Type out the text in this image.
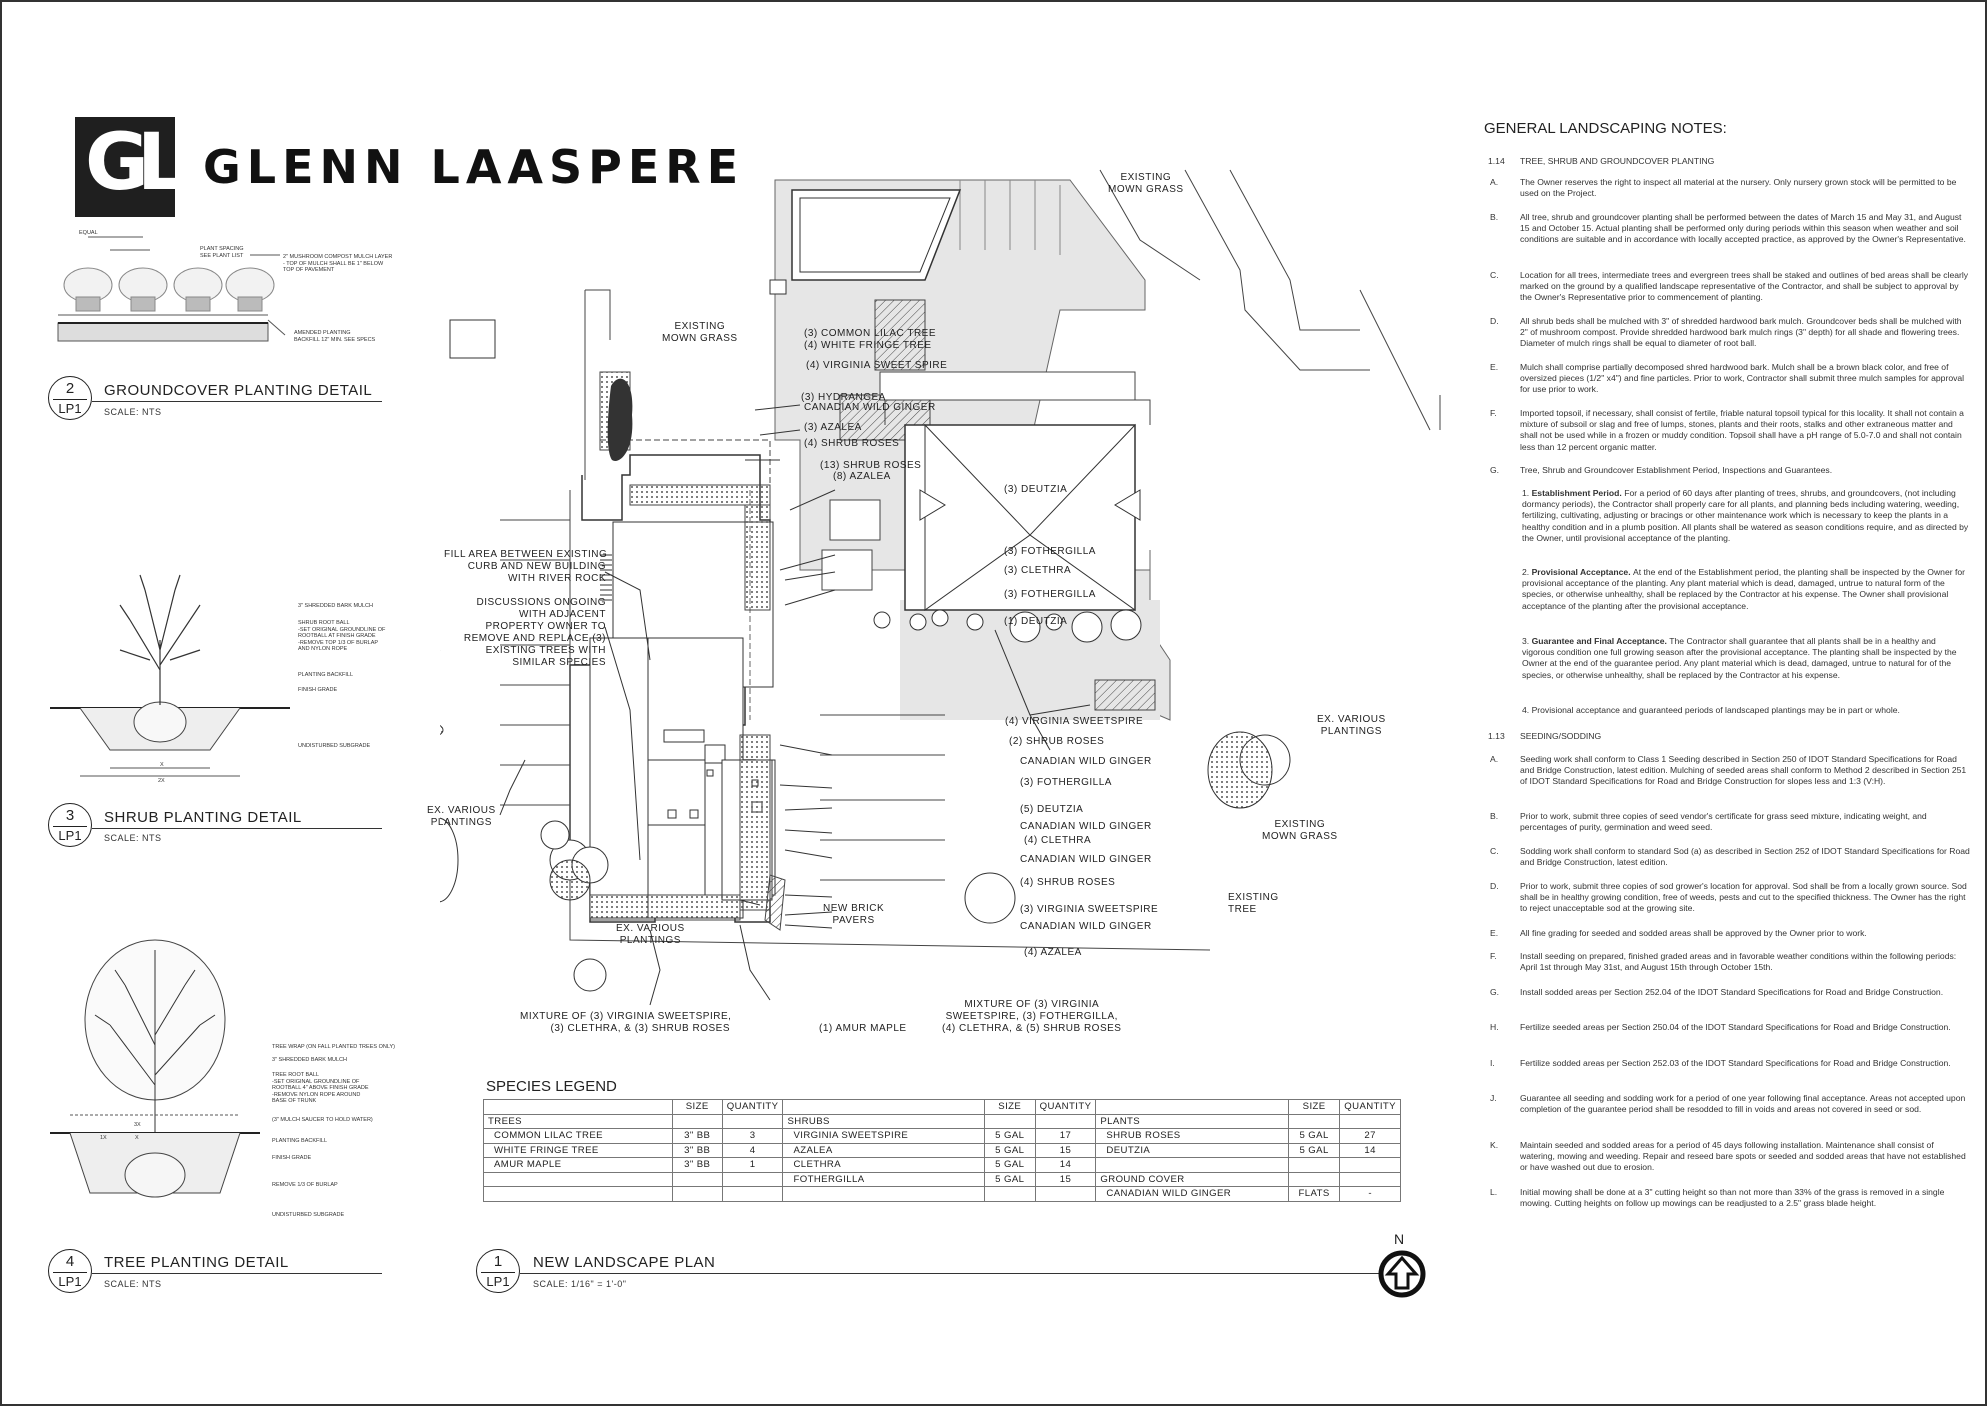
GL GLENN LAASPERE
EQUAL
PLANT SPACING
SEE PLANT LIST	2" MUSHROOM COMPOST MULCH LAYER
- TOP OF MULCH SHALL BE 1" BELOW
TOP OF PAVEMENT
AMENDED PLANTING
BACKFILL 12" MIN. SEE SPECS
2
LP1
GROUNDCOVER PLANTING DETAIL
SCALE: NTS
3" SHREDDED BARK MULCH
SHRUB ROOT BALL
-SET ORIGINAL GROUNDLINE OF
ROOTBALL AT FINISH GRADE
-REMOVE TOP 1/3 OF BURLAP
AND NYLON ROPE
PLANTING BACKFILL
FINISH GRADE
UNDISTURBED SUBGRADE
X
2X
3
LP1
SHRUB PLANTING DETAIL
SCALE: NTS
TREE WRAP (ON FALL PLANTED TREES ONLY)
3" SHREDDED BARK MULCH
TREE ROOT BALL
-SET ORIGINAL GROUNDLINE OF
ROOTBALL 4" ABOVE FINISH GRADE
-REMOVE NYLON ROPE AROUND
BASE OF TRUNK
(3" MULCH SAUCER TO HOLD WATER)
PLANTING BACKFILL
FINISH GRADE
REMOVE 1/3 OF BURLAP
UNDISTURBED SUBGRADE
3X
1X	X
4
LP1
TREE PLANTING DETAIL
SCALE: NTS
EXISTING
MOWN GRASS
EXISTING
MOWN GRASS
EXISTING
MOWN GRASS
(3) COMMON LILAC TREE
(4) WHITE FRINGE TREE
(4) VIRGINIA SWEET SPIRE
(3) HYDRANGEA
CANADIAN WILD GINGER
(3) AZALEA
(4) SHRUB ROSES
(13) SHRUB ROSES
(8) AZALEA
(3) DEUTZIA
(3) FOTHERGILLA
(3) CLETHRA
(3) FOTHERGILLA
(1) DEUTZIA
FILL AREA BETWEEN EXISTING
CURB AND NEW BUILDING
WITH RIVER ROCK
DISCUSSIONS ONGOING
WITH ADJACENT
PROPERTY OWNER TO
REMOVE AND REPLACE (3)
EXISTING TREES WITH
SIMILAR SPECIES
EX. VARIOUS
PLANTINGS
EX. VARIOUS
PLANTINGS
EX. VARIOUS
PLANTINGS
(4) VIRGINIA SWEETSPIRE
(2) SHRUB ROSES
CANADIAN WILD GINGER
(3) FOTHERGILLA
(5) DEUTZIA
CANADIAN WILD GINGER
(4) CLETHRA
CANADIAN WILD GINGER
(4) SHRUB ROSES
(3) VIRGINIA SWEETSPIRE
CANADIAN WILD GINGER
(4) AZALEA
NEW BRICK
PAVERS
EXISTING
TREE
MIXTURE OF (3) VIRGINIA SWEETSPIRE,
(3) CLETHRA, & (3) SHRUB ROSES	(1) AMUR MAPLE
MIXTURE OF (3) VIRGINIA
SWEETSPIRE, (3) FOTHERGILLA,
(4) CLETHRA, & (5) SHRUB ROSES
SPECIES LEGEND
	SIZE	QUANTITY		SIZE	QUANTITY		SIZE	QUANTITY
TREES			SHRUBS			PLANTS		
COMMON LILAC TREE	3" BB	3	VIRGINIA SWEETSPIRE	5 GAL	17	SHRUB ROSES	5 GAL	27
WHITE FRINGE TREE	3" BB	4	AZALEA	5 GAL	15	DEUTZIA	5 GAL	14
AMUR MAPLE	3" BB	1	CLETHRA	5 GAL	14			
			FOTHERGILLA	5 GAL	15	GROUND COVER		
						CANADIAN WILD GINGER	FLATS	-
1
LP1
NEW LANDSCAPE PLAN
SCALE: 1/16" = 1'-0"
N
GENERAL LANDSCAPING NOTES:
1.14 TREE, SHRUB AND GROUNDCOVER PLANTING
A.	The Owner reserves the right to inspect all material at the nursery. Only nursery grown stock will be permitted to be used on the Project.
B.	All tree, shrub and groundcover planting shall be performed between the dates of March 15 and May 31, and August 15 and October 15. Actual planting shall be performed only during periods within this season when weather and soil conditions are suitable and in accordance with locally accepted practice, as approved by the Owner's Representative.
C. Location for all trees, intermediate trees and evergreen trees shall be staked and outlines of bed areas shall be clearly marked on the ground by a qualified landscape representative of the Contractor, and shall be subject to approval by the Owner's Representative prior to commencement of planting.
D. All shrub beds shall be mulched with 3" of shredded hardwood bark mulch. Groundcover beds shall be mulched with 2" of mushroom compost. Provide shredded hardwood bark mulch rings (3" depth) for all shade and flowering trees. Diameter of mulch rings shall be equal to diameter of root ball.
E.	Mulch shall comprise partially decomposed shred hardwood bark. Mulch shall be a brown black color, and free of oversized pieces (1/2" x4") and fine particles. Prior to work, Contractor shall submit three mulch samples for approval for use prior to work.
F.	Imported topsoil, if necessary, shall consist of fertile, friable natural topsoil typical for this locality. It shall not contain a mixture of subsoil or slag and free of lumps, stones, plants and their roots, stalks and other extraneous matter and shall not be used while in a frozen or muddy condition. Topsoil shall have a pH range of 5.0-7.0 and shall not contain less than 12 percent organic matter.
G. Tree, Shrub and Groundcover Establishment Period, Inspections and Guarantees.
1. Establishment Period. For a period of 60 days after planting of trees, shrubs, and groundcovers, (not including dormancy periods), the Contractor shall properly care for all plants, and planning beds including watering, weeding, fertilizing, cultivating, adjusting or bracings or other maintenance work which is necessary to keep the plants in a healthy condition and in a plumb position. All plants shall be watered as season conditions require, and as directed by the Owner, until provisional acceptance of the planting.
2. Provisional Acceptance. At the end of the Establishment period, the planting shall be inspected by the Owner for provisional acceptance of the planting. Any plant material which is dead, damaged, untrue to natural form of the species, or otherwise unhealthy, shall be replaced by the Contractor at his expense. The Owner shall provisional acceptance of the planting after the provisional acceptance.
3. Guarantee and Final Acceptance. The Contractor shall guarantee that all plants shall be in a healthy and vigorous condition one full growing season after the provisional acceptance. The planting shall be inspected by the Owner at the end of the guarantee period. Any plant material which is dead, damaged, untrue to natural for of the species, or otherwise unhealthy, shall be replaced by the Contractor at his expense.
4. Provisional acceptance and guaranteed periods of landscaped plantings may be in part or whole.
1.13 SEEDING/SODDING
A.	Seeding work shall conform to Class 1 Seeding described in Section 250 of IDOT Standard Specifications for Road and Bridge Construction, latest edition. Mulching of seeded areas shall conform to Method 2 described in Section 251 of IDOT Standard Specifications for Road and Bridge Construction for slopes less and 1:3 (V:H).
B.	Prior to work, submit three copies of seed vendor's certificate for grass seed mixture, indicating weight, and percentages of purity, germination and weed seed.
C. Sodding work shall conform to standard Sod (a) as described in Section 252 of IDOT Standard Specifications for Road and Bridge Construction, latest edition.
D. Prior to work, submit three copies of sod grower's location for approval. Sod shall be from a locally grown source. Sod shall be in healthy growing condition, free of weeds, pests and cut to the specified thickness. The Owner has the right to reject unacceptable sod at the growing site.
E.	All fine grading for seeded and sodded areas shall be approved by the Owner prior to work.
F.	Install seeding on prepared, finished graded areas and in favorable weather conditions within the following periods: April 1st through May 31st, and August 15th through October 15th.
G. Install sodded areas per Section 252.04 of the IDOT Standard Specifications for Road and Bridge Construction.
H. Fertilize seeded areas per Section 250.04 of the IDOT Standard Specifications for Road and Bridge Construction.
I.	Fertilize sodded areas per Section 252.03 of the IDOT Standard Specifications for Road and Bridge Construction.
J.	Guarantee all seeding and sodding work for a period of one year following final acceptance. Areas not accepted upon completion of the guarantee period shall be resodded to fill in voids and areas not covered in seed or sod.
K.	Maintain seeded and sodded areas for a period of 45 days following installation. Maintenance shall consist of watering, mowing and weeding. Repair and reseed bare spots or seeded and sodded areas that have not established or have washed out due to erosion.
L.	Initial mowing shall be done at a 3" cutting height so than not more than 33% of the grass is removed in a single mowing. Cutting heights on follow up mowings can be readjusted to a 2.5" grass blade height.
